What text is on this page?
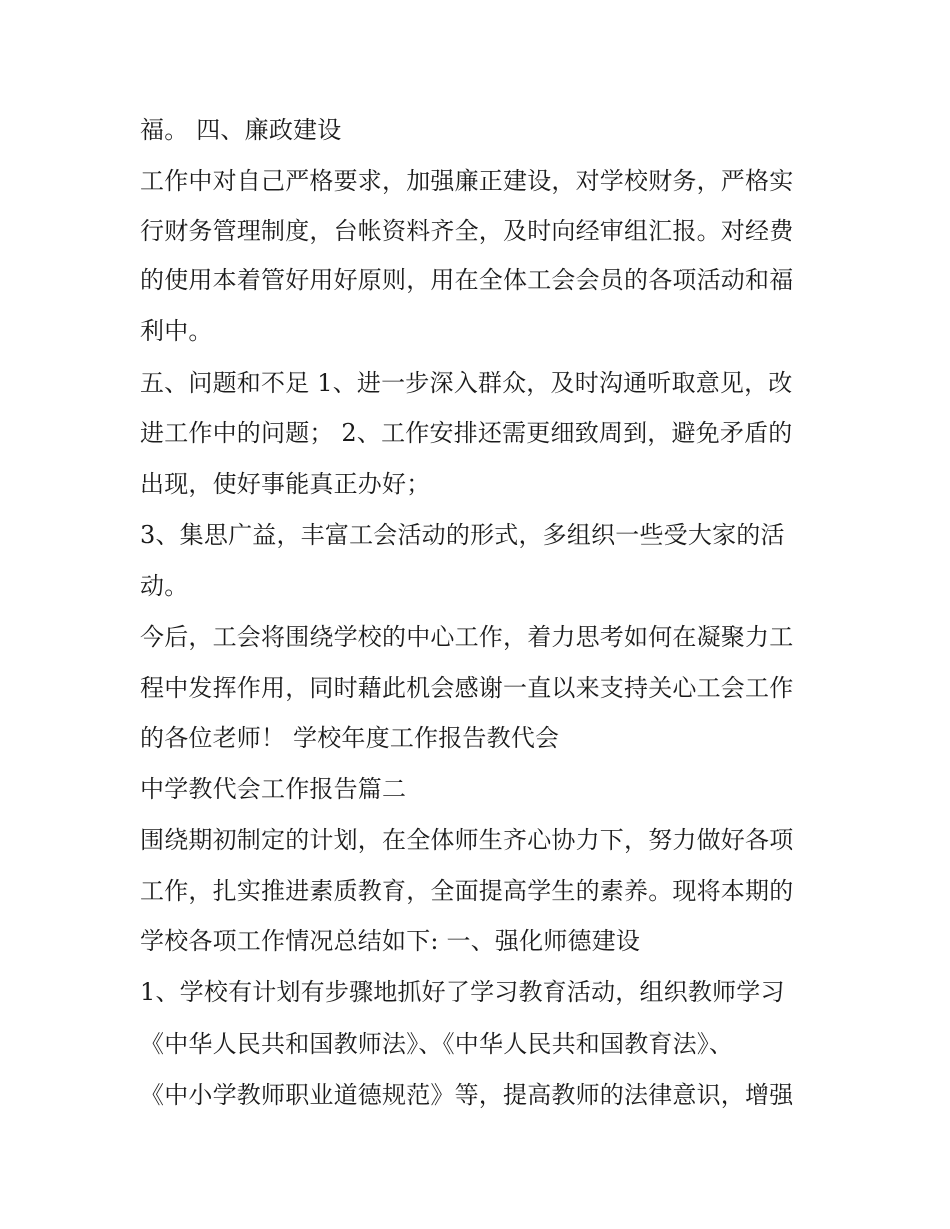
福。 四、廉政建设
工作中对自己严格要求，加强廉正建设，对学校财务，严格实
行财务管理制度，台帐资料齐全，及时向经审组汇报。对经费
的使用本着管好用好原则，用在全体工会会员的各项活动和福
利中。
五、问题和不足 1、进一步深入群众，及时沟通听取意见，改
进工作中的问题； 2、工作安排还需更细致周到，避免矛盾的
出现，使好事能真正办好；
3、集思广益，丰富工会活动的形式，多组织一些受大家的活
动。
今后，工会将围绕学校的中心工作，着力思考如何在凝聚力工
程中发挥作用，同时藉此机会感谢一直以来支持关心工会工作
的各位老师！ 学校年度工作报告教代会
中学教代会工作报告篇二
围绕期初制定的计划，在全体师生齐心协力下，努力做好各项
工作，扎实推进素质教育，全面提高学生的素养。现将本期的
学校各项工作情况总结如下: 一、强化师德建设
1、学校有计划有步骤地抓好了学习教育活动，组织教师学习
《中华人民共和国教师法》、《中华人民共和国教育法》、
《中小学教师职业道德规范》等，提高教师的法律意识，增强
